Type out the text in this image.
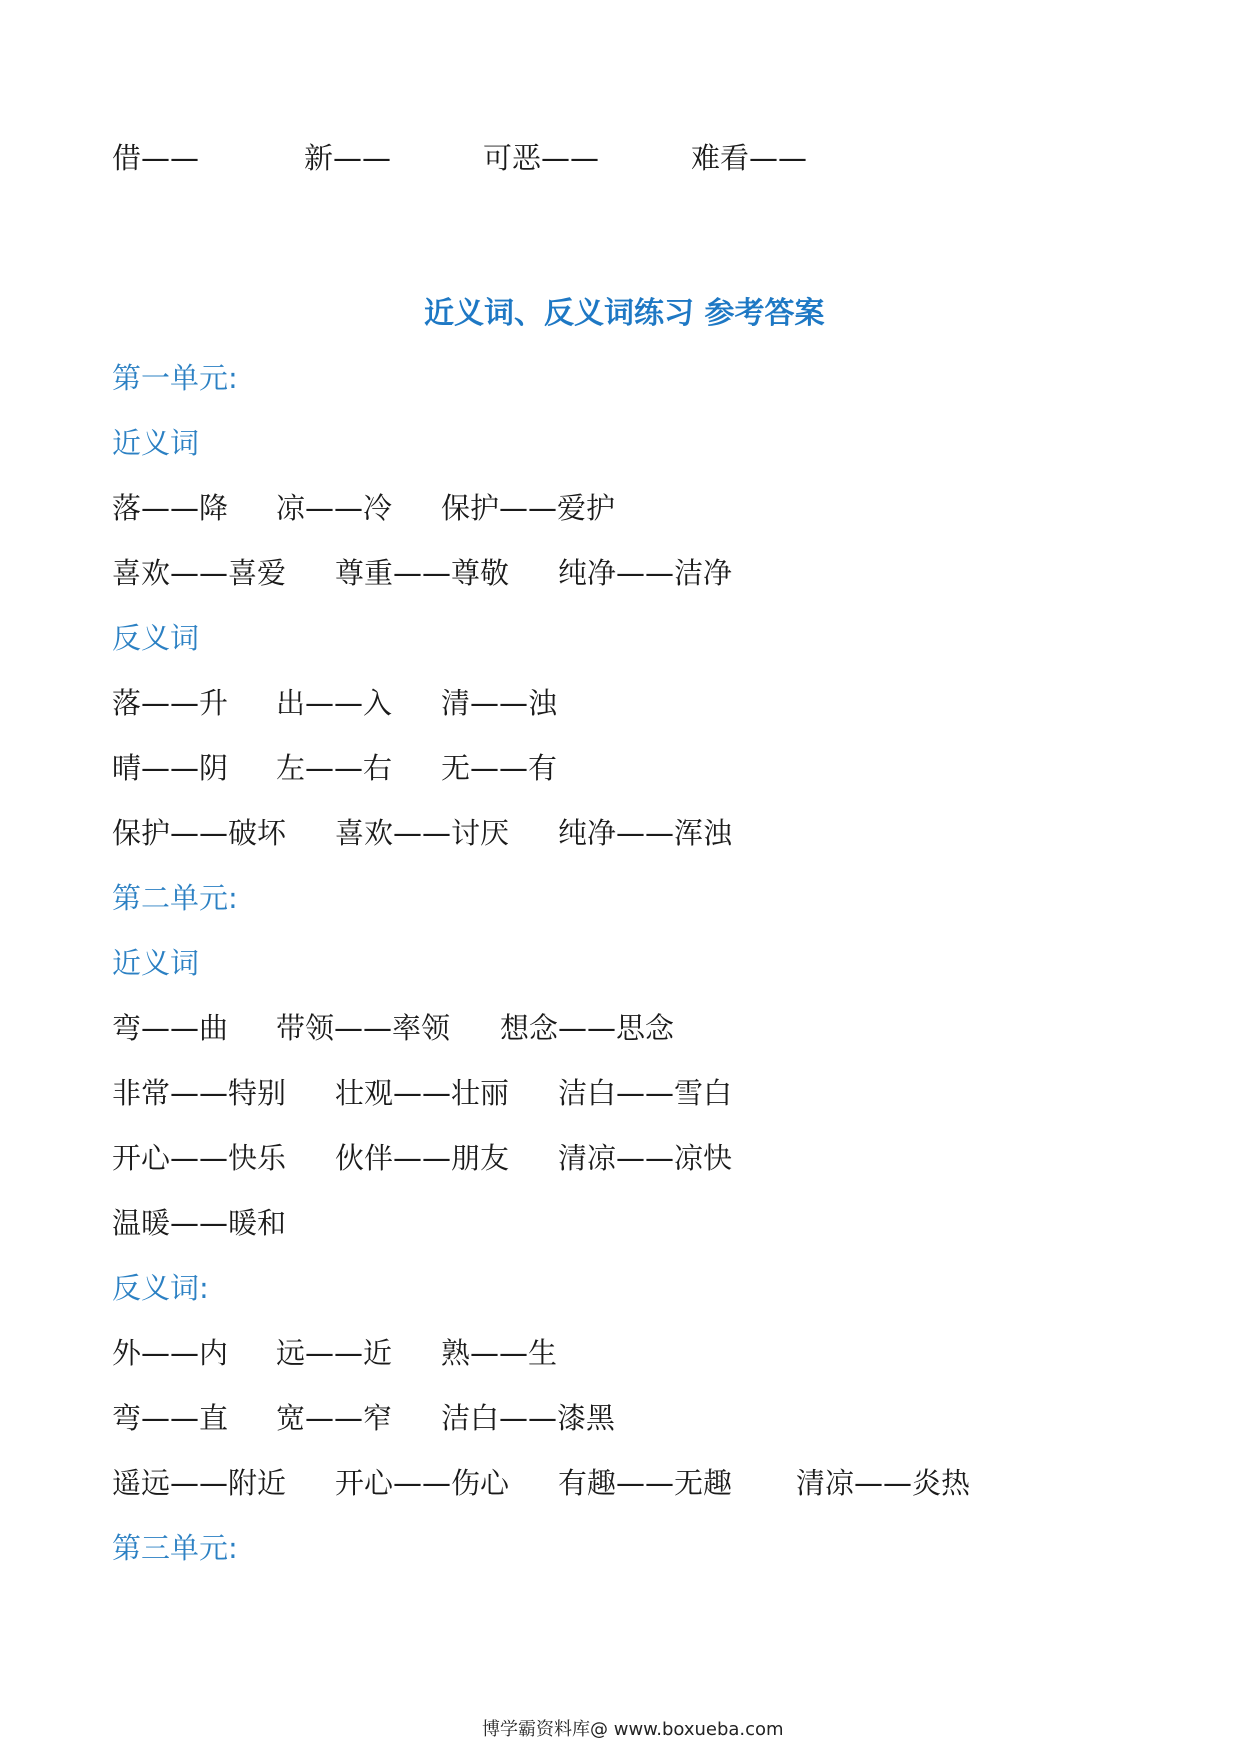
借——	新——	可恶——	难看——
近义词、反义词练习 参考答案
第一单元:
近义词
落——降 凉——冷 保护——爱护
喜欢——喜爱 尊重——尊敬 纯净——洁净
反义词
落——升 出——入 清——浊
晴——阴 左——右 无——有
保护——破坏 喜欢——讨厌 纯净——浑浊
第二单元:
近义词
弯——曲 带领——率领 想念——思念
非常——特别 壮观——壮丽 洁白——雪白
开心——快乐 伙伴——朋友 清凉——凉快
温暖——暖和
反义词:
外——内 远——近 熟——生
弯——直 宽——窄 洁白——漆黑
遥远——附近 开心——伤心 有趣——无趣 清凉——炎热
第三单元:
博学霸资料库@ www.boxueba.com
